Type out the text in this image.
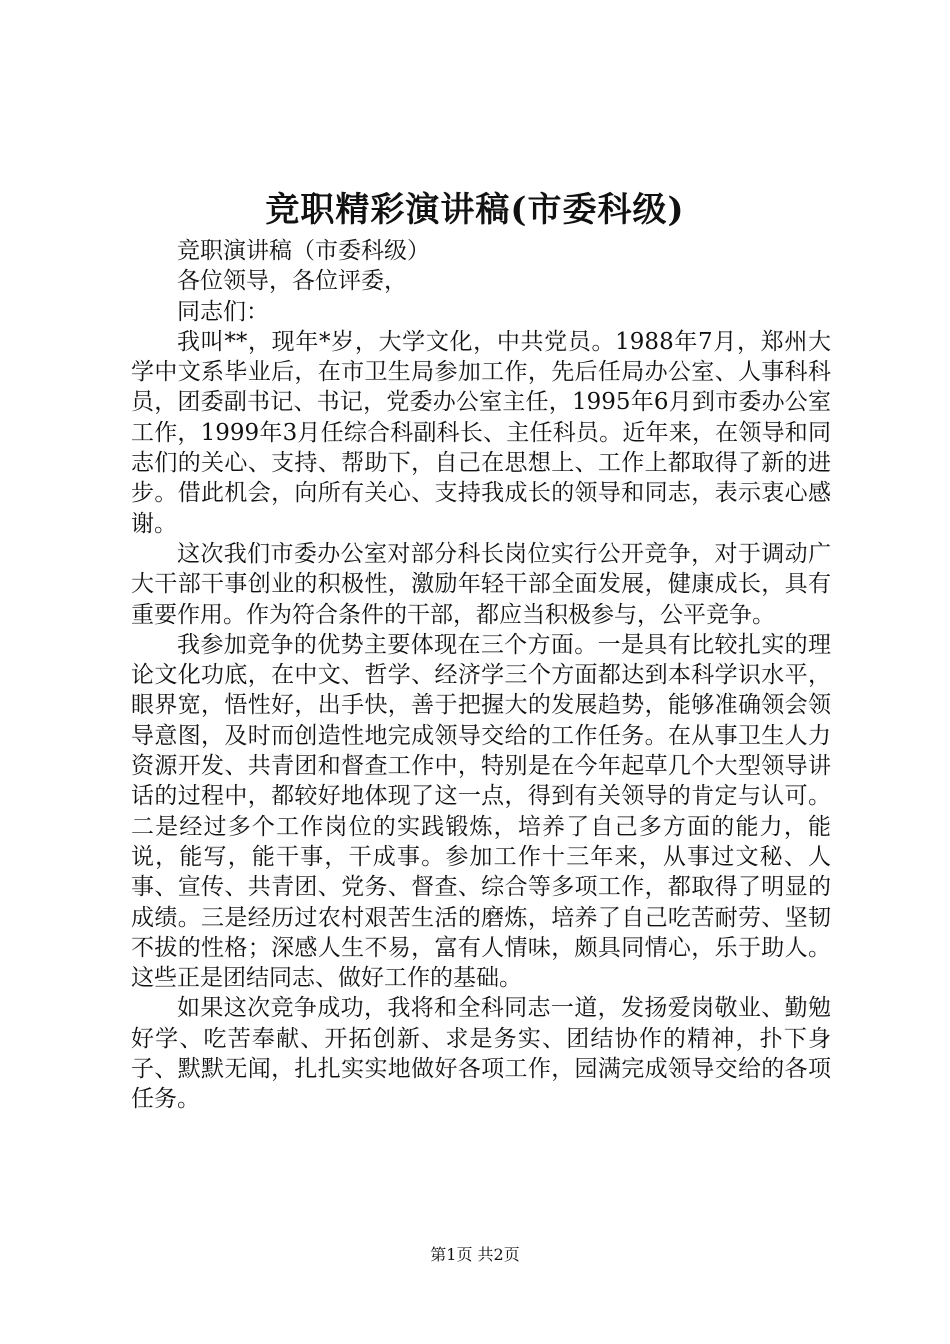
竞职精彩演讲稿(市委科级)

竞职演讲稿（市委科级）

各位领导，各位评委，

同志们：

我叫**，现年*岁，大学文化，中共党员。1988年7月，郑州大学中文系毕业后，在市卫生局参加工作，先后任局办公室、人事科科员，团委副书记、书记，党委办公室主任，1995年6月到市委办公室工作，1999年3月任综合科副科长、主任科员。近年来，在领导和同志们的关心、支持、帮助下，自己在思想上、工作上都取得了新的进步。借此机会，向所有关心、支持我成长的领导和同志，表示衷心感谢。

这次我们市委办公室对部分科长岗位实行公开竞争，对于调动广大干部干事创业的积极性，激励年轻干部全面发展，健康成长，具有重要作用。作为符合条件的干部，都应当积极参与，公平竞争。

我参加竞争的优势主要体现在三个方面。一是具有比较扎实的理论文化功底，在中文、哲学、经济学三个方面都达到本科学识水平，眼界宽，悟性好，出手快，善于把握大的发展趋势，能够准确领会领导意图，及时而创造性地完成领导交给的工作任务。在从事卫生人力资源开发、共青团和督查工作中，特别是在今年起草几个大型领导讲话的过程中，都较好地体现了这一点，得到有关领导的肯定与认可。二是经过多个工作岗位的实践锻炼，培养了自己多方面的能力，能说，能写，能干事，干成事。参加工作十三年来，从事过文秘、人事、宣传、共青团、党务、督查、综合等多项工作，都取得了明显的成绩。三是经历过农村艰苦生活的磨炼，培养了自己吃苦耐劳、坚韧不拔的性格；深感人生不易，富有人情味，颇具同情心，乐于助人。这些正是团结同志、做好工作的基础。

如果这次竞争成功，我将和全科同志一道，发扬爱岗敬业、勤勉好学、吃苦奉献、开拓创新、求是务实、团结协作的精神，扑下身子、默默无闻，扎扎实实地做好各项工作，园满完成领导交给的各项任务。

第1页 共2页
